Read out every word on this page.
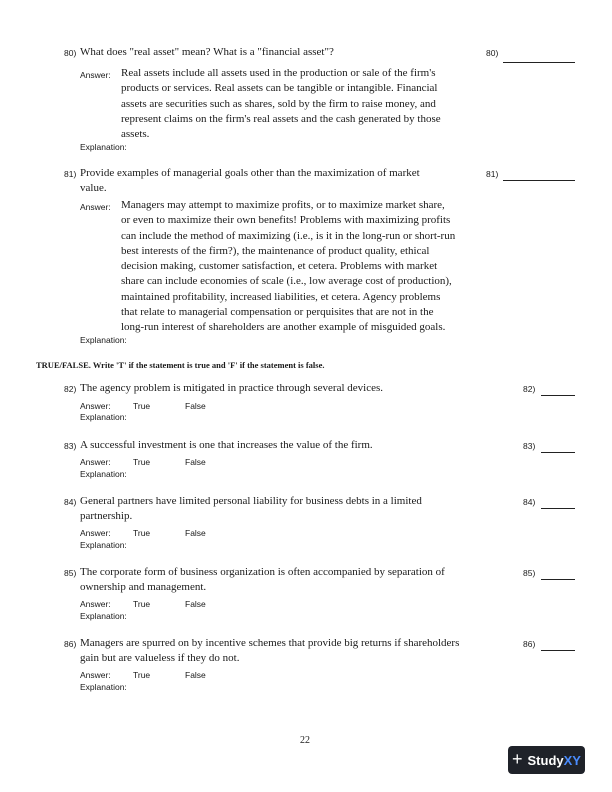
80) What does "real asset" mean? What is a "financial asset"?	80)
Answer: Real assets include all assets used in the production or sale of the firm's
products or services. Real assets can be tangible or intangible. Financial
assets are securities such as shares, sold by the firm to raise money, and
represent claims on the firm's real assets and the cash generated by those
assets.
Explanation:
81) Provide examples of managerial goals other than the maximization of market
value.
81)
Answer: Managers may attempt to maximize profits, or to maximize market share,
or even to maximize their own benefits! Problems with maximizing profits
can include the method of maximizing (i.e., is it in the long-run or short-run
best interests of the firm?), the maintenance of product quality, ethical
decision making, customer satisfaction, et cetera. Problems with market
share can include economies of scale (i.e., low average cost of production),
maintained profitability, increased liabilities, et cetera. Agency problems
that relate to managerial compensation or perquisites that are not in the
long-run interest of shareholders are another example of misguided goals.
Explanation:
TRUE/FALSE. Write 'T' if the statement is true and 'F' if the statement is false.
82) The agency problem is mitigated in practice through several devices.	82)
Answer:	True	False
Explanation:
83) A successful investment is one that increases the value of the firm.	83)
Answer:	True	False
Explanation:
84) General partners have limited personal liability for business debts in a limited
partnership.
84)
Answer:	True	False
Explanation:
85) The corporate form of business organization is often accompanied by separation of
ownership and management.
85)
Answer:	True	False
Explanation:
86) Managers are spurred on by incentive schemes that provide big returns if shareholders
gain but are valueless if they do not.
86)
Answer:	True	False
Explanation:
22
+ StudyXY
